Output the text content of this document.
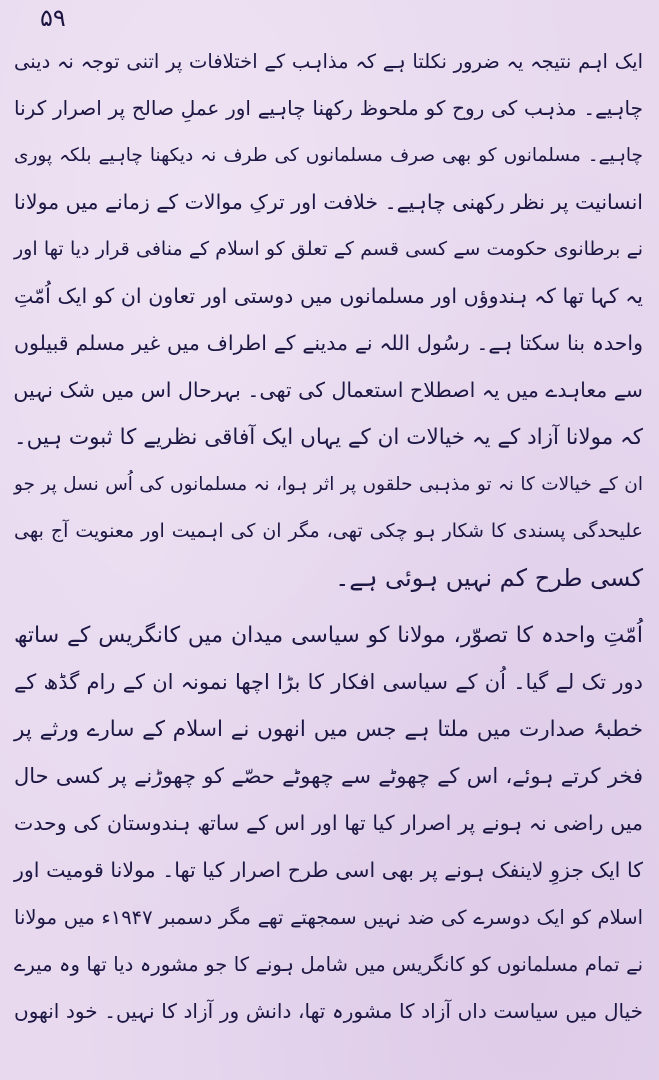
۵۹
ایک اہم نتیجہ یہ ضرور نکلتا ہے کہ مذاہب کے اختلافات پر اتنی توجہ نہ دینی
چاہیے۔ مذہب کی روح کو ملحوظ رکھنا چاہیے اور عملِ صالح پر اصرار کرنا
چاہیے۔ مسلمانوں کو بھی صرف مسلمانوں کی طرف نہ دیکھنا چاہیے بلکہ پوری
انسانیت پر نظر رکھنی چاہیے۔ خلافت اور ترکِ موالات کے زمانے میں مولانا
نے برطانوی حکومت سے کسی قسم کے تعلق کو اسلام کے منافی قرار دیا تھا اور
یہ کہا تھا کہ ہندوؤں اور مسلمانوں میں دوستی اور تعاون ان کو ایک اُمّتِ
واحدہ بنا سکتا ہے۔ رسُول اللہ نے مدینے کے اطراف میں غیر مسلم قبیلوں
سے معاہدے میں یہ اصطلاح استعمال کی تھی۔ بہرحال اس میں شک نہیں
کہ مولانا آزاد کے یہ خیالات ان کے یہاں ایک آفاقی نظریے کا ثبوت ہیں۔
ان کے خیالات کا نہ تو مذہبی حلقوں پر اثر ہوا، نہ مسلمانوں کی اُس نسل پر جو
علیحدگی پسندی کا شکار ہو چکی تھی، مگر ان کی اہمیت اور معنویت آج بھی
کسی طرح کم نہیں ہوئی ہے۔
اُمّتِ واحدہ کا تصوّر، مولانا کو سیاسی میدان میں کانگریس کے ساتھ
دور تک لے گیا۔ اُن کے سیاسی افکار کا بڑا اچھا نمونہ ان کے رام گڈھ کے
خطبۂ صدارت میں ملتا ہے جس میں انھوں نے اسلام کے سارے ورثے پر
فخر کرتے ہوئے، اس کے چھوٹے سے چھوٹے حصّے کو چھوڑنے پر کسی حال
میں راضی نہ ہونے پر اصرار کیا تھا اور اس کے ساتھ ہندوستان کی وحدت
کا ایک جزوِ لاینفک ہونے پر بھی اسی طرح اصرار کیا تھا۔ مولانا قومیت اور
اسلام کو ایک دوسرے کی ضد نہیں سمجھتے تھے مگر دسمبر ۱۹۴۷ء میں مولانا
نے تمام مسلمانوں کو کانگریس میں شامل ہونے کا جو مشورہ دیا تھا وہ میرے
خیال میں سیاست داں آزاد کا مشورہ تھا، دانش ور آزاد کا نہیں۔ خود انھوں
